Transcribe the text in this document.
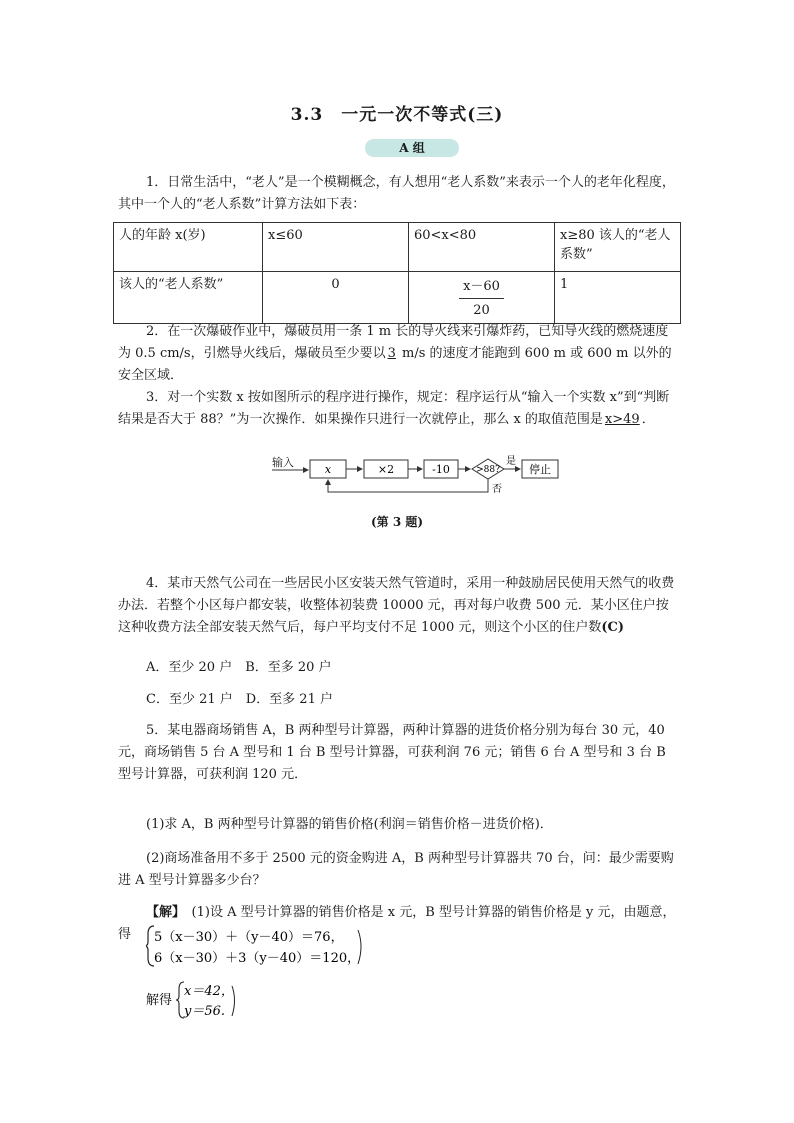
3.3　一元一次不等式(三)
A 组
1．日常生活中，“老人”是一个模糊概念，有人想用“老人系数”来表示一个人的老年化程度，其中一个人的“老人系数”计算方法如下表：
人的年龄 x(岁)	x≤60	60<x<80	x≥80 该人的“老人系数”
该人的“老人系数”	0	$\frac{x-60}{20}$	1
2．在一次爆破作业中，爆破员用一条 1 m 长的导火线来引爆炸药，已知导火线的燃烧速度为 0.5 cm/s，引燃导火线后，爆破员至少要以 3 m/s 的速度才能跑到 600 m 或 600 m 以外的安全区域．
3．对一个实数 x 按如图所示的程序进行操作，规定：程序运行从“输入一个实数 x”到“判断结果是否大于 88？”为一次操作．如果操作只进行一次就停止，那么 x 的取值范围是 x>49 ．
输入
x	×2	-10	>88?
是
停止
否
(第 3 题)
4．某市天然气公司在一些居民小区安装天然气管道时，采用一种鼓励居民使用天然气的收费办法．若整个小区每户都安装，收整体初装费 10000 元，再对每户收费 500 元．某小区住户按这种收费方法全部安装天然气后，每户平均支付不足 1000 元，则这个小区的住户数(C)
A．至少 20 户　B．至多 20 户
C．至少 21 户　D．至多 21 户
5．某电器商场销售 A，B 两种型号计算器，两种计算器的进货价格分别为每台 30 元，40 元，商场销售 5 台 A 型号和 1 台 B 型号计算器，可获利润 76 元；销售 6 台 A 型号和 3 台 B 型号计算器，可获利润 120 元．
(1)求 A，B 两种型号计算器的销售价格(利润＝销售价格－进货价格)．
(2)商场准备用不多于 2500 元的资金购进 A，B 两种型号计算器共 70 台，问：最少需要购进 A 型号计算器多少台？
【解】　 (1)设 A 型号计算器的销售价格是 x 元，B 型号计算器的销售价格是 y 元，由题意，得	5（x－30）＋（y－40）＝76，
6（x－30）＋3（y－40）＝120，
解得
x＝42，
y＝56.
